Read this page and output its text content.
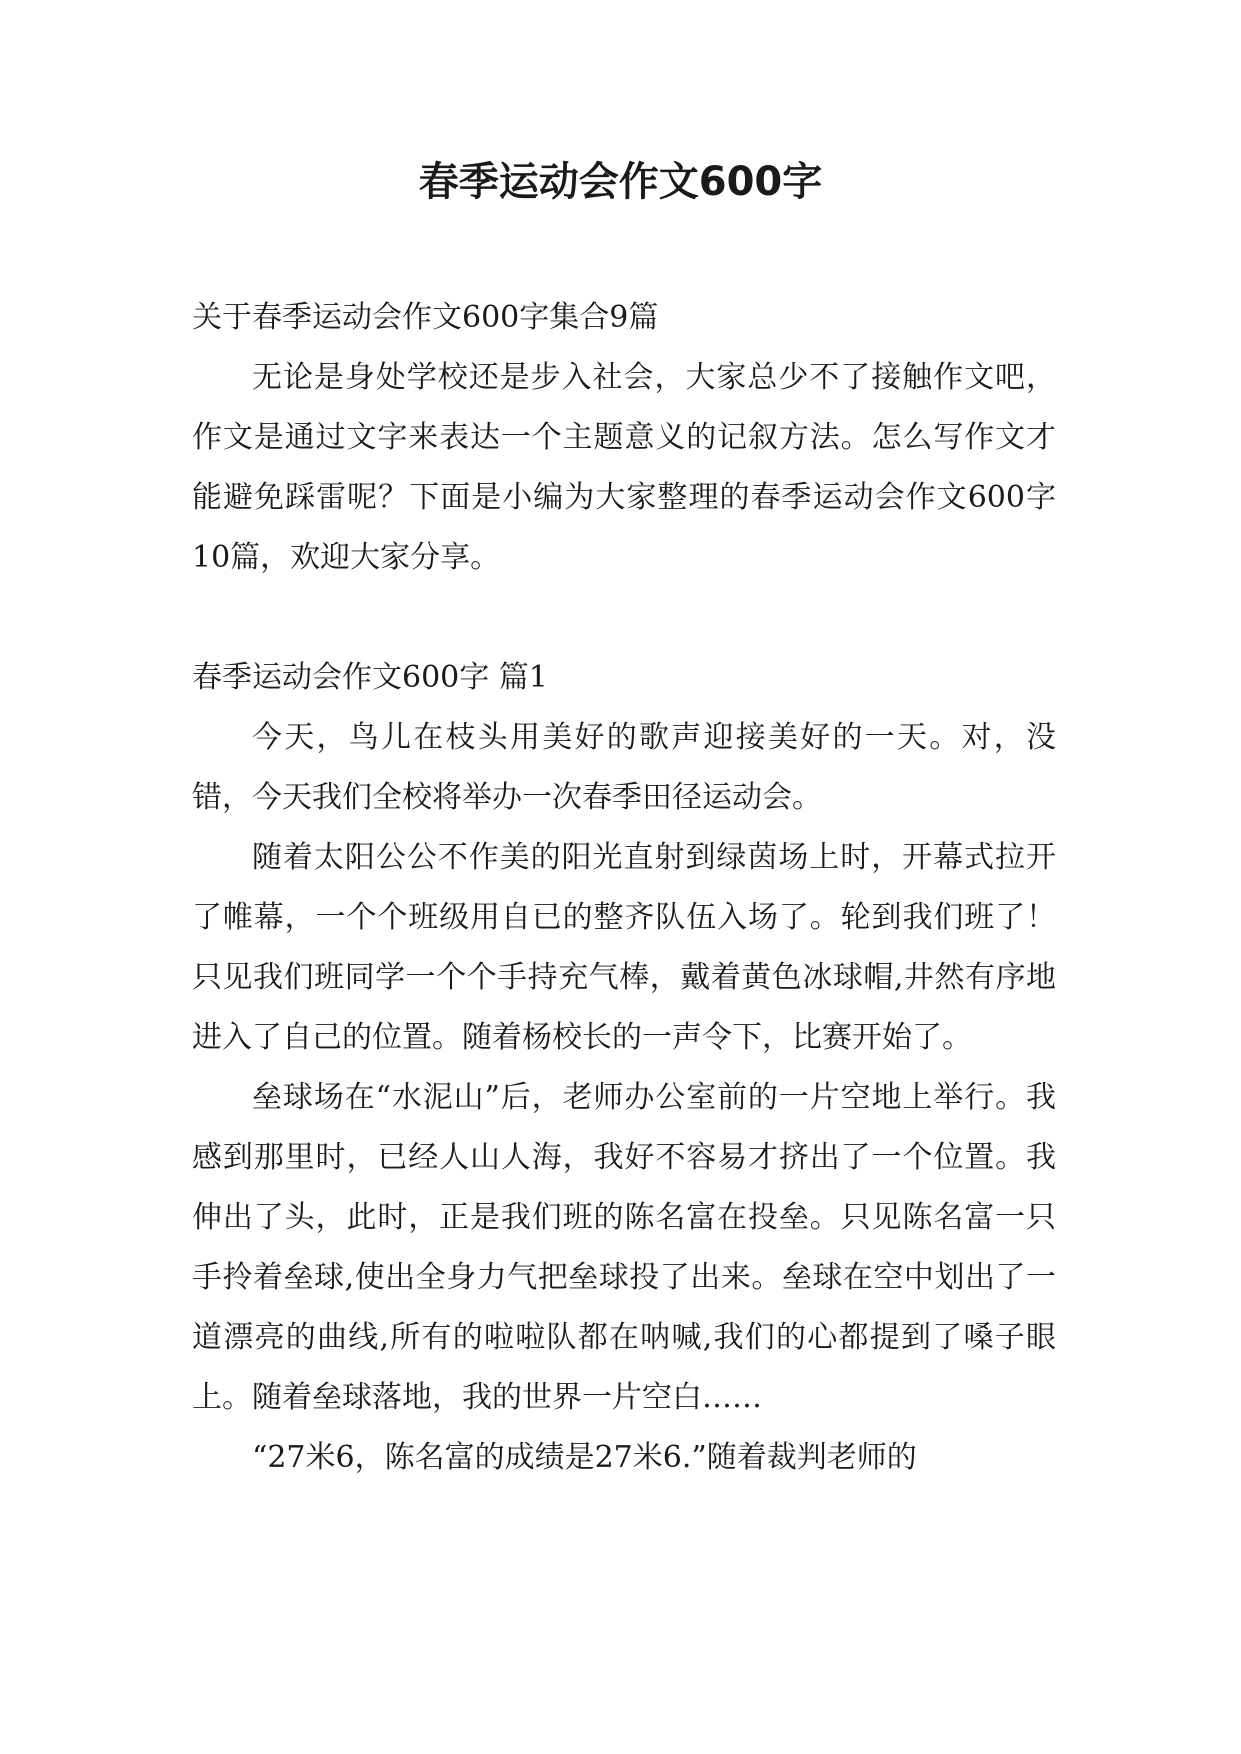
春季运动会作文600字

关于春季运动会作文600字集合9篇

无论是身处学校还是步入社会，大家总少不了接触作文吧，作文是通过文字来表达一个主题意义的记叙方法。怎么写作文才能避免踩雷呢？下面是小编为大家整理的春季运动会作文600字10篇，欢迎大家分享。

春季运动会作文600字 篇1

今天，鸟儿在枝头用美好的歌声迎接美好的一天。对，没错，今天我们全校将举办一次春季田径运动会。

随着太阳公公不作美的阳光直射到绿茵场上时，开幕式拉开了帷幕，一个个班级用自已的整齐队伍入场了。轮到我们班了！只见我们班同学一个个手持充气棒，戴着黄色冰球帽,井然有序地进入了自己的位置。随着杨校长的一声令下，比赛开始了。

垒球场在“水泥山”后，老师办公室前的一片空地上举行。我感到那里时，已经人山人海，我好不容易才挤出了一个位置。我伸出了头，此时，正是我们班的陈名富在投垒。只见陈名富一只手拎着垒球,使出全身力气把垒球投了出来。垒球在空中划出了一道漂亮的曲线,所有的啦啦队都在呐喊,我们的心都提到了嗓子眼上。随着垒球落地，我的世界一片空白……

“27米6，陈名富的成绩是27米6.”随着裁判老师的
